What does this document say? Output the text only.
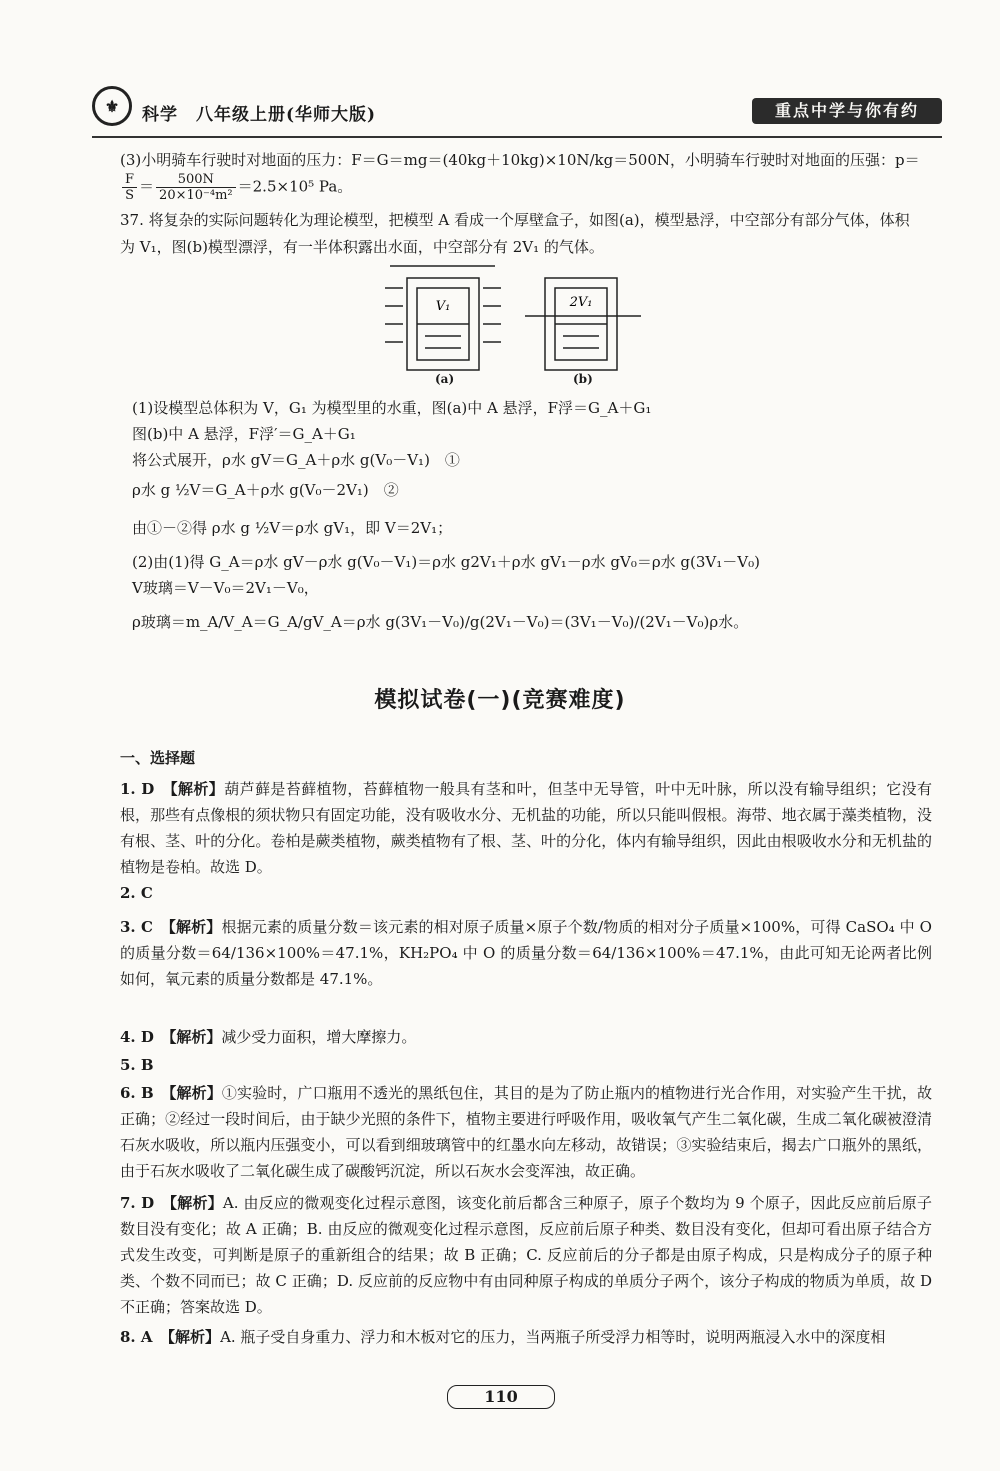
⚜	科学　八年级上册(华师大版)	重点中学与你有约
(3)小明骑车行驶时对地面的压力：F＝G＝mg＝(40kg＋10kg)×10N/kg＝500N，小明骑车行驶时对地面的压强：p＝
$\frac{F}{S} = \frac{500N}{\text{20×10⁻⁴m²}} =2.5\times 10^5$ Pa。
37. 将复杂的实际问题转化为理论模型，把模型 A 看成一个厚壁盒子，如图(a)，模型悬浮，中空部分有部分气体，体积
为 V₁，图(b)模型漂浮，有一半体积露出水面，中空部分有 2V₁ 的气体。
V₁	2V₁
(a)	(b)
(1)设模型总体积为 V，G₁ 为模型里的水重，图(a)中 A 悬浮，F浮＝G_A＋G₁
图(b)中 A 悬浮，F浮′＝G_A＋G₁
将公式展开，ρ水 gV＝G_A＋ρ水 g(V₀－V₁)　①
ρ水 g ½V＝G_A＋ρ水 g(V₀－2V₁)　②
由①－②得 ρ水 g ½V＝ρ水 gV₁，即 V＝2V₁；
(2)由(1)得 G_A＝ρ水 gV－ρ水 g(V₀－V₁)＝ρ水 g2V₁＋ρ水 gV₁－ρ水 gV₀＝ρ水 g(3V₁－V₀)
V玻璃＝V－V₀＝2V₁－V₀，
ρ玻璃＝m_A/V_A＝G_A/gV_A＝ρ水 g(3V₁－V₀)/g(2V₁－V₀)＝(3V₁－V₀)/(2V₁－V₀)ρ水。
模拟试卷(一)(竞赛难度)
一、选择题
1. D　 【解析】葫芦藓是苔藓植物，苔藓植物一般具有茎和叶，但茎中无导管，叶中无叶脉，所以没有输导组织；它没有根，那些有点像根的须状物只有固定功能，没有吸收水分、无机盐的功能，所以只能叫假根。海带、地衣属于藻类植物，没有根、茎、叶的分化。卷柏是蕨类植物，蕨类植物有了根、茎、叶的分化，体内有输导组织，因此由根吸收水分和无机盐的植物是卷柏。故选 D。
2. C
3. C　 【解析】根据元素的质量分数＝该元素的相对原子质量×原子个数/物质的相对分子质量×100%，可得 CaSO₄ 中 O 的质量分数＝64/136×100%＝47.1%，KH₂PO₄ 中 O 的质量分数＝64/136×100%＝47.1%，由此可知无论两者比例如何，氧元素的质量分数都是 47.1%。
4. D　 【解析】减少受力面积，增大摩擦力。
5. B
6. B　 【解析】①实验时，广口瓶用不透光的黑纸包住，其目的是为了防止瓶内的植物进行光合作用，对实验产生干扰，故正确；②经过一段时间后，由于缺少光照的条件下，植物主要进行呼吸作用，吸收氧气产生二氧化碳，生成二氧化碳被澄清石灰水吸收，所以瓶内压强变小，可以看到细玻璃管中的红墨水向左移动，故错误；③实验结束后，揭去广口瓶外的黑纸，由于石灰水吸收了二氧化碳生成了碳酸钙沉淀，所以石灰水会变浑浊，故正确。
7. D　 【解析】A. 由反应的微观变化过程示意图，该变化前后都含三种原子，原子个数均为 9 个原子，因此反应前后原子数目没有变化；故 A 正确；B. 由反应的微观变化过程示意图，反应前后原子种类、数目没有变化，但却可看出原子结合方式发生改变，可判断是原子的重新组合的结果；故 B 正确；C. 反应前后的分子都是由原子构成，只是构成分子的原子种类、个数不同而已；故 C 正确；D. 反应前的反应物中有由同种原子构成的单质分子两个，该分子构成的物质为单质，故 D 不正确；答案故选 D。
8. A　 【解析】A. 瓶子受自身重力、浮力和木板对它的压力，当两瓶子所受浮力相等时，说明两瓶浸入水中的深度相
110
